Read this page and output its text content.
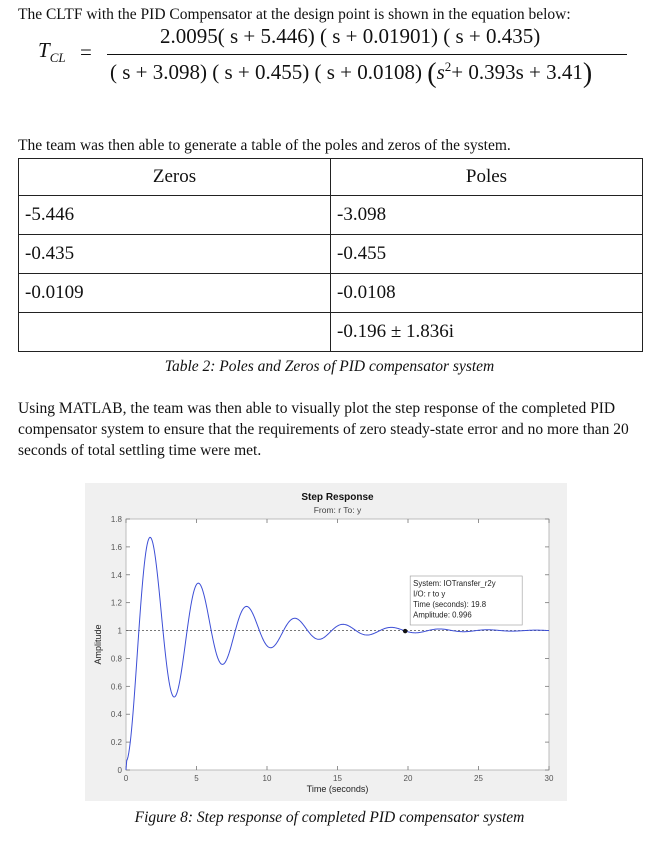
The CLTF with the PID Compensator at the design point is shown in the equation below:
$T_{CL}$ =
2.0095( s + 5.446) ( s + 0.01901) ( s + 0.435)
( s + 3.098) ( s + 0.455) ( s + 0.0108) $(s^2+ 0.393s + 3.41)$
The team was then able to generate a table of the poles and zeros of the system.
Zeros	Poles
-5.446	-3.098
-0.435	-0.455
-0.0109	-0.0108
	-0.196 ± 1.836i
Table 2: Poles and Zeros of PID compensator system
Using MATLAB, the team was then able to visually plot the step response of the completed PID compensator system to ensure that the requirements of zero steady-state error and no more than 20 seconds of total settling time were met.
Step Response
From: r To: y
0
0.2
0.4
0.6
0.8
1
1.2
1.4
1.6
1.8
0	5	10	15	20	25	30
Time (seconds)
Amplitude
System: IOTransfer_r2y
I/O: r to y
Time (seconds): 19.8
Amplitude: 0.996
Figure 8: Step response of completed PID compensator system
